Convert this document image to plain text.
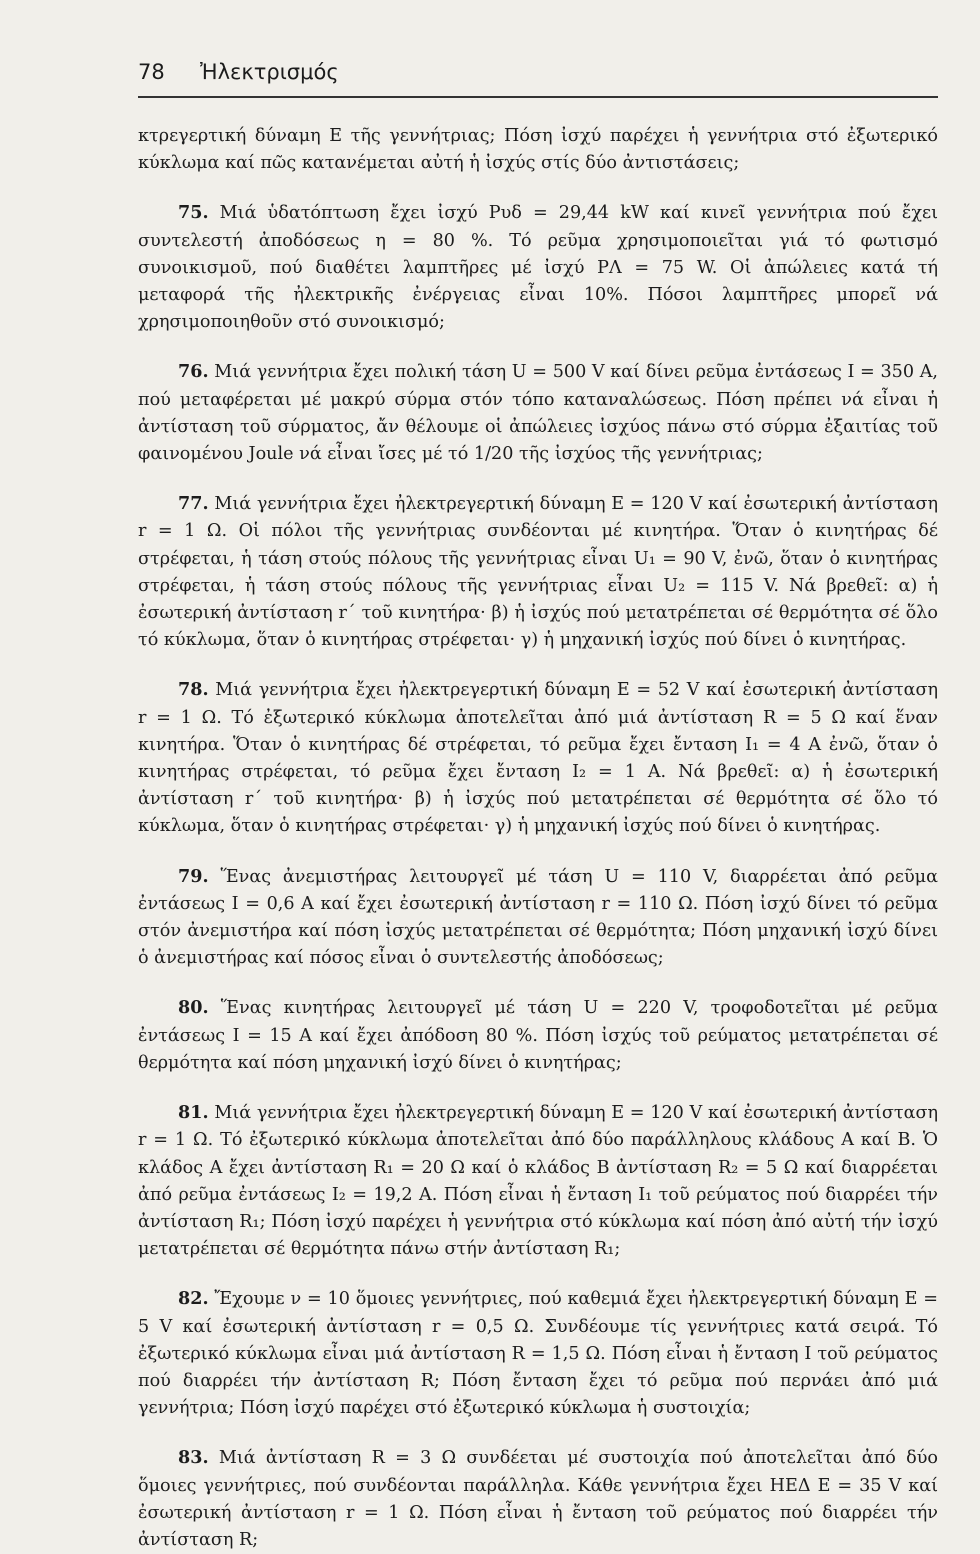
78 Ἠλεκτρισμός

κτρεγερτική δύναμη Ε τῆς γεννήτριας; Πόση ἰσχύ παρέχει ἡ γεννήτρια στό ἐξωτερικό κύκλωμα καί πῶς κατανέμεται αὐτή ἡ ἰσχύς στίς δύο ἀντιστάσεις;

75. Μιά ὑδατόπτωση ἔχει ἰσχύ Pυδ = 29,44 kW καί κινεῖ γεννήτρια πού ἔχει συντελεστή ἀποδόσεως η = 80 %. Τό ρεῦμα χρησιμοποιεῖται γιά τό φωτισμό συνοικισμοῦ, πού διαθέτει λαμπτῆρες μέ ἰσχύ PΛ = 75 W. Οἱ ἀπώλειες κατά τή μεταφορά τῆς ἠλεκτρικῆς ἐνέργειας εἶναι 10%. Πόσοι λαμπτῆρες μπορεῖ νά χρησιμοποιηθοῦν στό συνοικισμό;

76. Μιά γεννήτρια ἔχει πολική τάση U = 500 V καί δίνει ρεῦμα ἐντάσεως I = 350 A, πού μεταφέρεται μέ μακρύ σύρμα στόν τόπο καταναλώσεως. Πόση πρέπει νά εἶναι ἡ ἀντίσταση τοῦ σύρματος, ἄν θέλουμε οἱ ἀπώλειες ἰσχύος πάνω στό σύρμα ἐξαιτίας τοῦ φαινομένου Joule νά εἶναι ἴσες μέ τό 1/20 τῆς ἰσχύος τῆς γεννήτριας;

77. Μιά γεννήτρια ἔχει ἠλεκτρεγερτική δύναμη Ε = 120 V καί ἐσωτερική ἀντίσταση r = 1 Ω. Οἱ πόλοι τῆς γεννήτριας συνδέονται μέ κινητήρα. Ὅταν ὁ κινητήρας δέ στρέφεται, ἡ τάση στούς πόλους τῆς γεννήτριας εἶναι U₁ = 90 V, ἐνῶ, ὅταν ὁ κινητήρας στρέφεται, ἡ τάση στούς πόλους τῆς γεννήτριας εἶναι U₂ = 115 V. Νά βρεθεῖ: α) ἡ ἐσωτερική ἀντίσταση r΄ τοῦ κινητήρα· β) ἡ ἰσχύς πού μετατρέπεται σέ θερμότητα σέ ὅλο τό κύκλωμα, ὅταν ὁ κινητήρας στρέφεται· γ) ἡ μηχανική ἰσχύς πού δίνει ὁ κινητήρας.

78. Μιά γεννήτρια ἔχει ἠλεκτρεγερτική δύναμη Ε = 52 V καί ἐσωτερική ἀντίσταση r = 1 Ω. Τό ἐξωτερικό κύκλωμα ἀποτελεῖται ἀπό μιά ἀντίσταση R = 5 Ω καί ἕναν κινητήρα. Ὅταν ὁ κινητήρας δέ στρέφεται, τό ρεῦμα ἔχει ἔνταση I₁ = 4 A ἐνῶ, ὅταν ὁ κινητήρας στρέφεται, τό ρεῦμα ἔχει ἔνταση I₂ = 1 A. Νά βρεθεῖ: α) ἡ ἐσωτερική ἀντίσταση r΄ τοῦ κινητήρα· β) ἡ ἰσχύς πού μετατρέπεται σέ θερμότητα σέ ὅλο τό κύκλωμα, ὅταν ὁ κινητήρας στρέφεται· γ) ἡ μηχανική ἰσχύς πού δίνει ὁ κινητήρας.

79. Ἕνας ἀνεμιστήρας λειτουργεῖ μέ τάση U = 110 V, διαρρέεται ἀπό ρεῦμα ἐντάσεως I = 0,6 A καί ἔχει ἐσωτερική ἀντίσταση r = 110 Ω. Πόση ἰσχύ δίνει τό ρεῦμα στόν ἀνεμιστήρα καί πόση ἰσχύς μετατρέπεται σέ θερμότητα; Πόση μηχανική ἰσχύ δίνει ὁ ἀνεμιστήρας καί πόσος εἶναι ὁ συντελεστής ἀποδόσεως;

80. Ἕνας κινητήρας λειτουργεῖ μέ τάση U = 220 V, τροφοδοτεῖται μέ ρεῦμα ἐντάσεως I = 15 A καί ἔχει ἀπόδοση 80 %. Πόση ἰσχύς τοῦ ρεύματος μετατρέπεται σέ θερμότητα καί πόση μηχανική ἰσχύ δίνει ὁ κινητήρας;

81. Μιά γεννήτρια ἔχει ἠλεκτρεγερτική δύναμη Ε = 120 V καί ἐσωτερική ἀντίσταση r = 1 Ω. Τό ἐξωτερικό κύκλωμα ἀποτελεῖται ἀπό δύο παράλληλους κλάδους A καί B. Ὁ κλάδος A ἔχει ἀντίσταση R₁ = 20 Ω καί ὁ κλάδος B ἀντίσταση R₂ = 5 Ω καί διαρρέεται ἀπό ρεῦμα ἐντάσεως I₂ = 19,2 A. Πόση εἶναι ἡ ἔνταση I₁ τοῦ ρεύματος πού διαρρέει τήν ἀντίσταση R₁; Πόση ἰσχύ παρέχει ἡ γεννήτρια στό κύκλωμα καί πόση ἀπό αὐτή τήν ἰσχύ μετατρέπεται σέ θερμότητα πάνω στήν ἀντίσταση R₁;

82. Ἔχουμε ν = 10 ὅμοιες γεννήτριες, πού καθεμιά ἔχει ἠλεκτρεγερτική δύναμη Ε = 5 V καί ἐσωτερική ἀντίσταση r = 0,5 Ω. Συνδέουμε τίς γεννήτριες κατά σειρά. Τό ἐξωτερικό κύκλωμα εἶναι μιά ἀντίσταση R = 1,5 Ω. Πόση εἶναι ἡ ἔνταση I τοῦ ρεύματος πού διαρρέει τήν ἀντίσταση R; Πόση ἔνταση ἔχει τό ρεῦμα πού περνάει ἀπό μιά γεννήτρια; Πόση ἰσχύ παρέχει στό ἐξωτερικό κύκλωμα ἡ συστοιχία;

83. Μιά ἀντίσταση R = 3 Ω συνδέεται μέ συστοιχία πού ἀποτελεῖται ἀπό δύο ὅμοιες γεννήτριες, πού συνδέονται παράλληλα. Κάθε γεννήτρια ἔχει ΗΕΔ Ε = 35 V καί ἐσωτερική ἀντίσταση r = 1 Ω. Πόση εἶναι ἡ ἔνταση τοῦ ρεύματος πού διαρρέει τήν ἀντίσταση R;
